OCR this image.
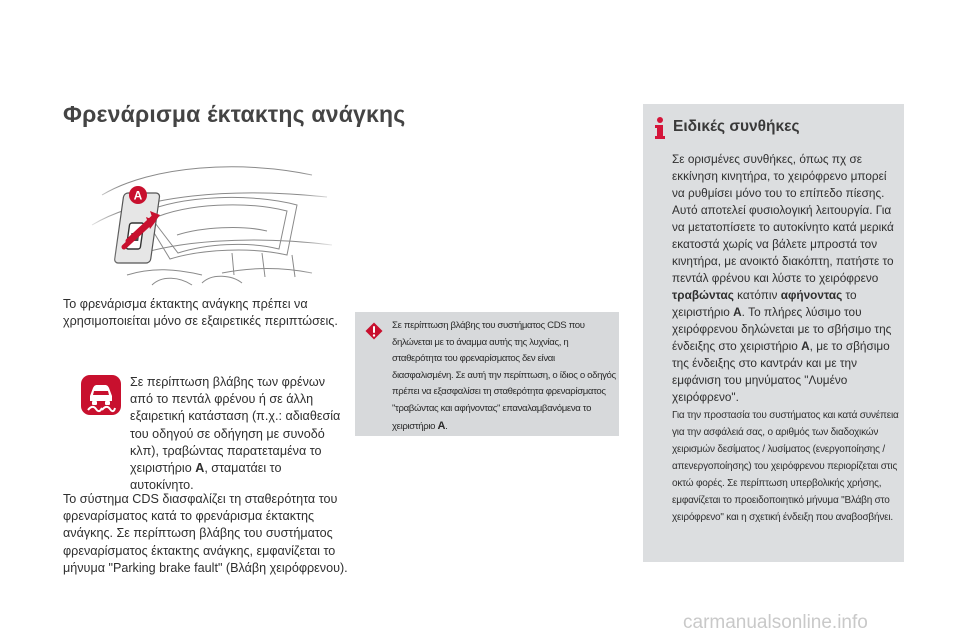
Φρενάρισμα έκτακτης ανάγκης

Το φρενάρισμα έκτακτης ανάγκης πρέπει να χρησιμοποιείται μόνο σε εξαιρετικές περιπτώσεις.

Σε περίπτωση βλάβης των φρένων από το πεντάλ φρένου ή σε άλλη εξαιρετική κατάσταση (π.χ.: αδιαθεσία του οδηγού σε οδήγηση με συνοδό κλπ), τραβώντας παρατεταμένα το χειριστήριο A, σταματάει το αυτοκίνητο.

Το σύστημα CDS διασφαλίζει τη σταθερότητα του φρεναρίσματος κατά το φρενάρισμα έκτακτης ανάγκης. Σε περίπτωση βλάβης του συστήματος φρεναρίσματος έκτακτης ανάγκης, εμφανίζεται το μήνυμα "Parking brake fault" (Βλάβη χειρόφρενου).

Σε περίπτωση βλάβης του συστήματος CDS που δηλώνεται με το άναμμα αυτής της λυχνίας, η σταθερότητα του φρεναρίσματος δεν είναι διασφαλισμένη. Σε αυτή την περίπτωση, ο ίδιος ο οδηγός πρέπει να εξασφαλίσει τη σταθερότητα φρεναρίσματος "τραβώντας και αφήνοντας" επαναλαμβανόμενα το χειριστήριο A.

Ειδικές συνθήκες

Σε ορισμένες συνθήκες, όπως πχ σε εκκίνηση κινητήρα, το χειρόφρενο μπορεί να ρυθμίσει μόνο του το επίπεδο πίεσης. Αυτό αποτελεί φυσιολογική λειτουργία. Για να μετατοπίσετε το αυτοκίνητο κατά μερικά εκατοστά χωρίς να βάλετε μπροστά τον κινητήρα, με ανοικτό διακόπτη, πατήστε το πεντάλ φρένου και λύστε το χειρόφρενο τραβώντας κατόπιν αφήνοντας το χειριστήριο A. Το πλήρες λύσιμο του χειρόφρενου δηλώνεται με το σβήσιμο της ένδειξης στο χειριστήριο A, με το σβήσιμο της ένδειξης στο καντράν και με την εμφάνιση του μηνύματος "Λυμένο χειρόφρενο".

Για την προστασία του συστήματος και κατά συνέπεια για την ασφάλειά σας, ο αριθμός των διαδοχικών χειρισμών δεσίματος / λυσίματος (ενεργοποίησης / απενεργοποίησης) του χειρόφρενου περιορίζεται στις οκτώ φορές. Σε περίπτωση υπερβολικής χρήσης, εμφανίζεται το προειδοποιητικό μήνυμα "Βλάβη στο χειρόφρενο" και η σχετική ένδειξη που αναβοσβήνει.

carmanualsonline.info
